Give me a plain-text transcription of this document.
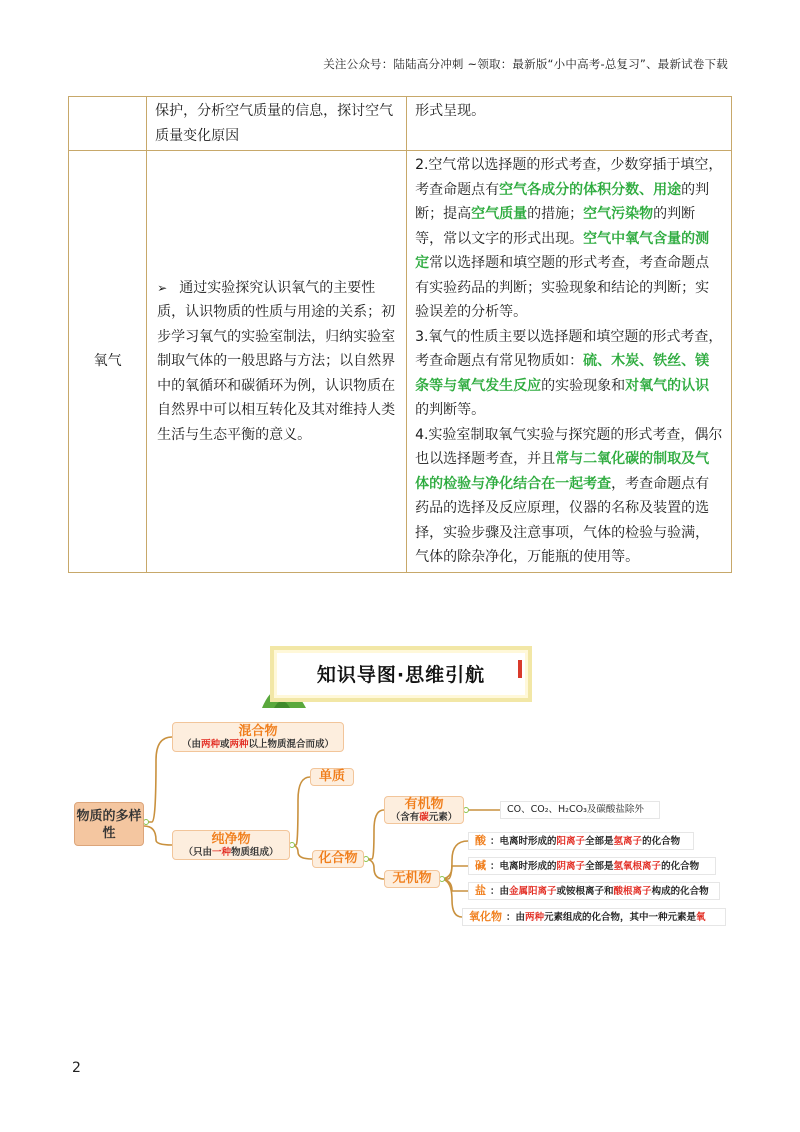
关注公众号：陆陆高分冲刺 ~领取：最新版“小中高考-总复习”、最新试卷下载
	保护，分析空气质量的信息，探讨空气质量变化原因	形式呈现。
氧气	➢ 通过实验探究认识氧气的主要性质，认识物质的性质与用途的关系；初步学习氧气的实验室制法，归纳实验室制取气体的一般思路与方法；以自然界中的氧循环和碳循环为例，认识物质在自然界中可以相互转化及其对维持人类生活与生态平衡的意义。	2.空气常以选择题的形式考查，少数穿插于填空，考查命题点有空气各成分的体积分数、用途的判断；提高空气质量的措施；空气污染物的判断等，常以文字的形式出现。空气中氧气含量的测定常以选择题和填空题的形式考查，考查命题点有实验药品的判断；实验现象和结论的判断；实验误差的分析等。

3.氧气的性质主要以选择题和填空题的形式考查，考查命题点有常见物质如：硫、木炭、铁丝、镁条等与氧气发生反应的实验现象和对氧气的认识的判断等。

4.实验室制取氧气实验与探究题的形式考查，偶尔也以选择题考查，并且常与二氧化碳的制取及气体的检验与净化结合在一起考查，考查命题点有药品的选择及反应原理，仪器的名称及装置的选择，实验步骤及注意事项，气体的检验与验满，气体的除杂净化，万能瓶的使用等。

知识导图·思维引航
物质的多样性
混合物
（由两种或两种以上物质混合而成）
纯净物
（只由一种物质组成）
单质
化合物
有机物
（含有碳元素）
无机物
CO、CO₂、H₂CO₃及碳酸盐除外
酸 ：电离时形成的阳离子全部是氢离子的化合物
碱 ：电离时形成的阴离子全部是氢氧根离子的化合物
盐 ：由金属阳离子或铵根离子和酸根离子构成的化合物
氧化物 ：由两种元素组成的化合物，其中一种元素是氧
2
